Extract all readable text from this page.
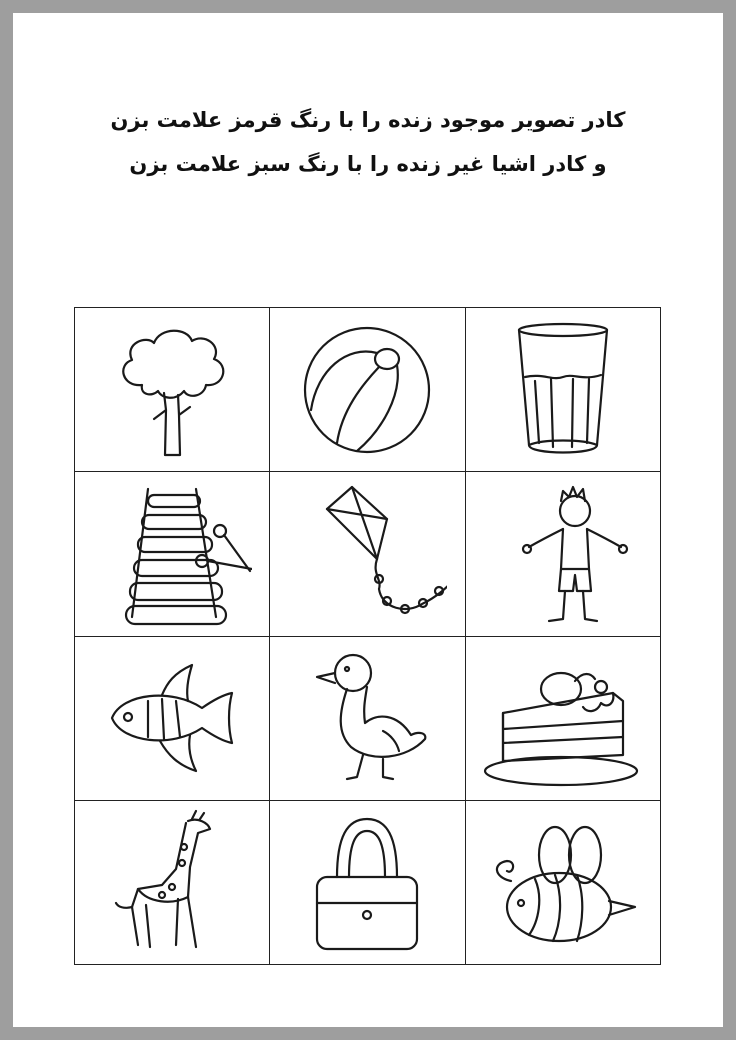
کادر تصویر موجود زنده را با رنگ قرمز علامت بزن
و کادر اشیا غیر زنده را با رنگ سبز علامت بزن
